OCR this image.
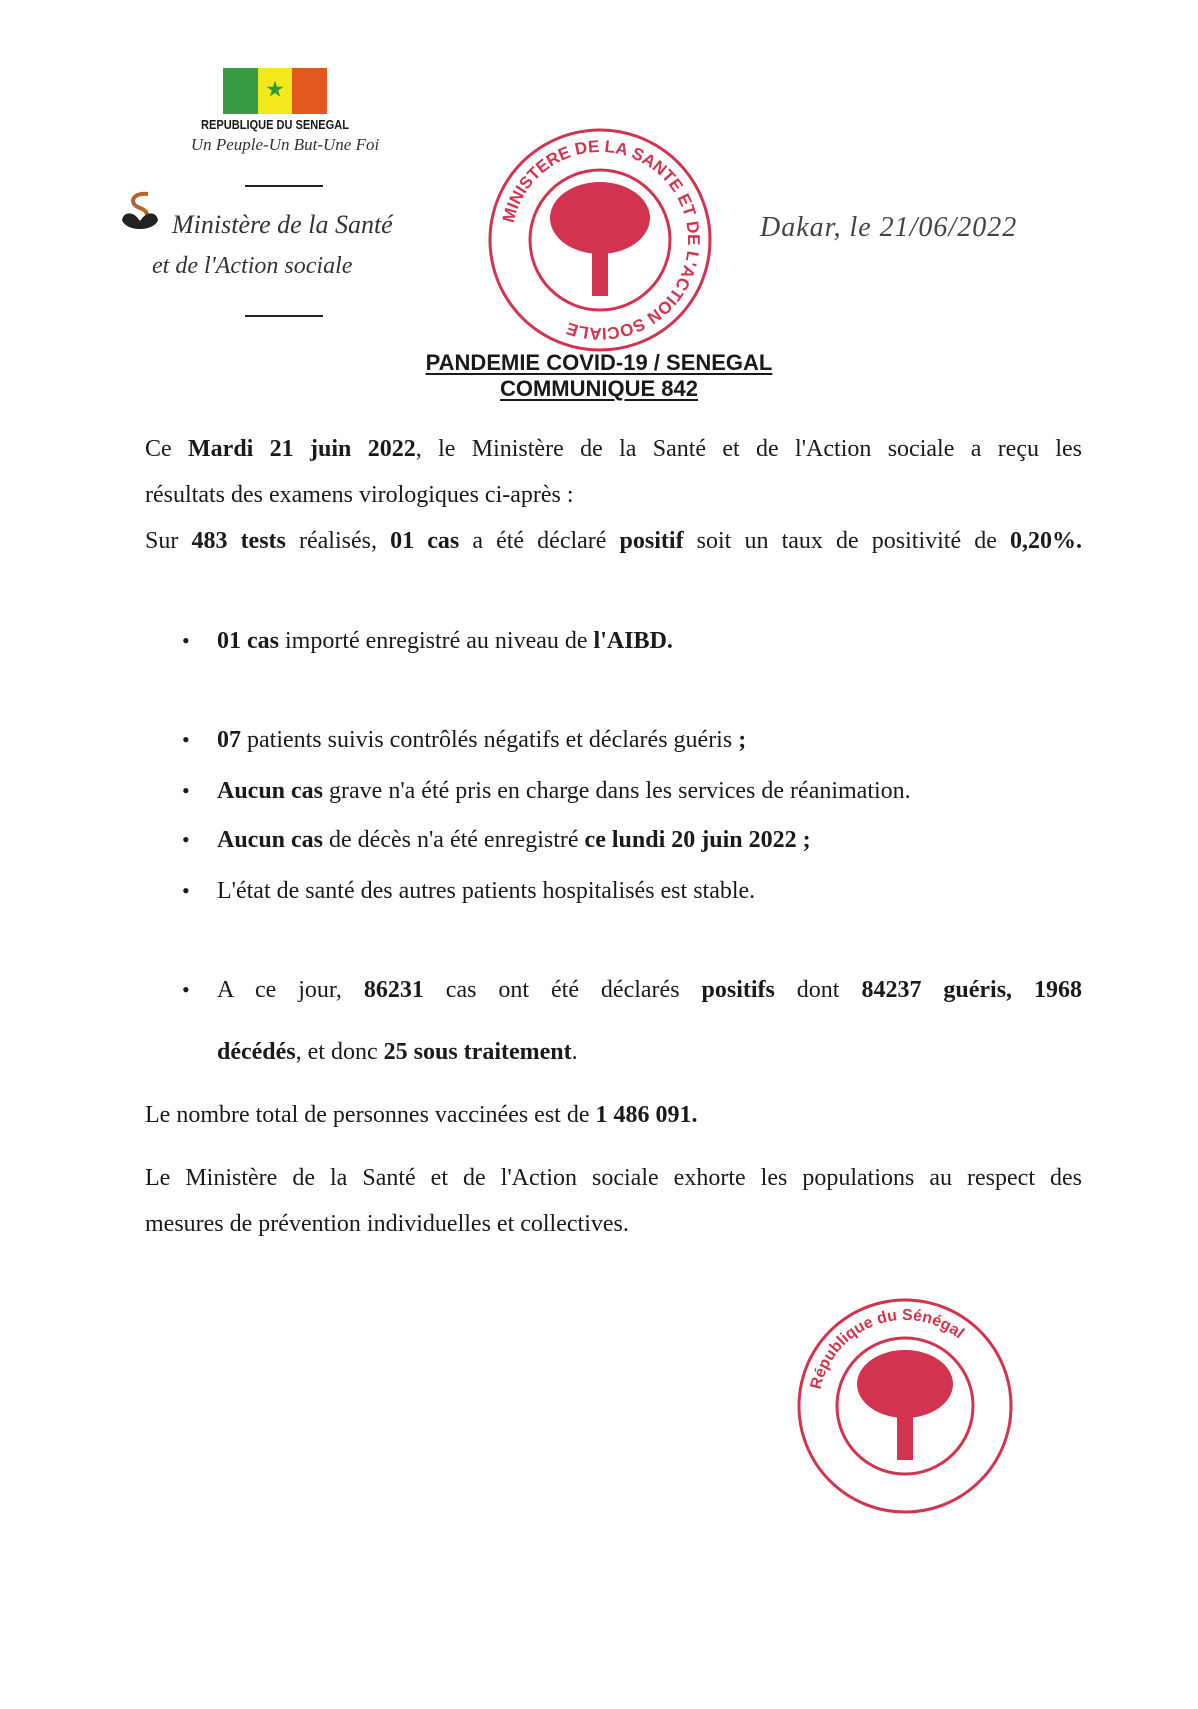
★
REPUBLIQUE DU SENEGAL
Un Peuple-Un But-Une Foi
Ministère de la Santé
et de l'Action sociale
MINISTERE DE LA SANTE ET DE L'ACTION SOCIALE
Dakar, le 21/06/2022
PANDEMIE COVID-19 / SENEGAL
COMMUNIQUE 842
Ce Mardi 21 juin 2022, le Ministère de la Santé et de l'Action sociale a reçu les
résultats des examens virologiques ci-après :
Sur 483 tests réalisés, 01 cas a été déclaré positif soit un taux de positivité de 0,20%.
• 01 cas importé enregistré au niveau de l'AIBD.
• 07 patients suivis contrôlés négatifs et déclarés guéris ;
• Aucun cas grave n'a été pris en charge dans les services de réanimation.
• Aucun cas de décès n'a été enregistré ce lundi 20 juin 2022 ;
• L'état de santé des autres patients hospitalisés est stable.
• A ce jour, 86231 cas ont été déclarés positifs dont 84237 guéris, 1968
décédés, et donc 25 sous traitement.
Le nombre total de personnes vaccinées est de 1 486 091.
Le Ministère de la Santé et de l'Action sociale exhorte les populations au respect des
mesures de prévention individuelles et collectives.
République du Sénégal
